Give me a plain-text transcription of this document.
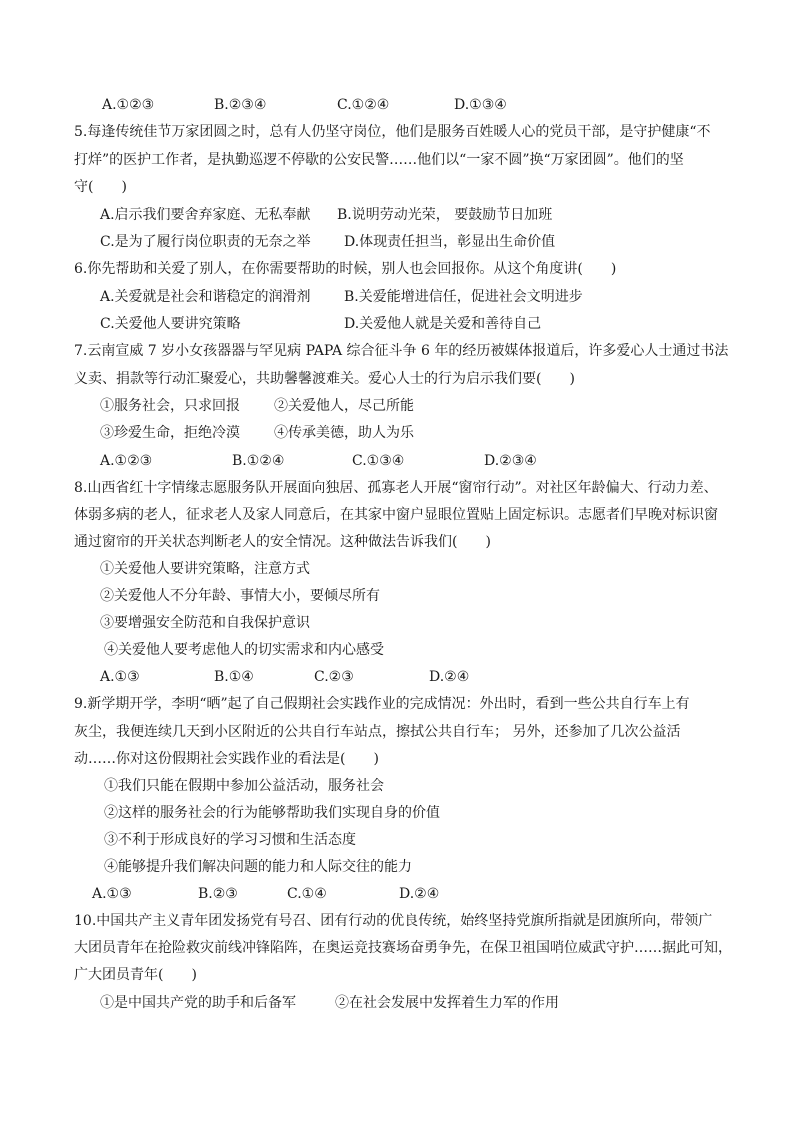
A.①②③	B.②③④	C.①②④	D.①③④
5.每逢传统佳节万家团圆之时，总有人仍坚守岗位，他们是服务百姓暖人心的党员干部，是守护健康“不
打烊”的医护工作者，是执勤巡逻不停歇的公安民警……他们以“一家不圆”换“万家团圆”。他们的坚
守(　　)
A.启示我们要舍弃家庭、无私奉献 B.说明劳动光荣， 要鼓励节日加班
C.是为了履行岗位职责的无奈之举 D.体现责任担当，彰显出生命价值
6.你先帮助和关爱了别人，在你需要帮助的时候，别人也会回报你。从这个角度讲(　　)
A.关爱就是社会和谐稳定的润滑剂 B.关爱能增进信任，促进社会文明进步
C.关爱他人要讲究策略	D.关爱他人就是关爱和善待自己
7.云南宣威 7 岁小女孩器器与罕见病 PAPA 综合征斗争 6 年的经历被媒体报道后，许多爱心人士通过书法
义卖、捐款等行动汇聚爱心，共助馨馨渡难关。爱心人士的行为启示我们要(　　)
①服务社会，只求回报 ②关爱他人，尽己所能
③珍爱生命，拒绝冷漠 ④传承美德，助人为乐
A.①②③	B.①②④	C.①③④	D.②③④
8.山西省红十字情缘志愿服务队开展面向独居、孤寡老人开展“窗帘行动”。对社区年龄偏大、行动力差、
体弱多病的老人，征求老人及家人同意后，在其家中窗户显眼位置贴上固定标识。志愿者们早晚对标识窗
通过窗帘的开关状态判断老人的安全情况。这种做法告诉我们(　　)
①关爱他人要讲究策略，注意方式
②关爱他人不分年龄、事情大小，要倾尽所有
③要增强安全防范和自我保护意识
④关爱他人要考虑他人的切实需求和内心感受
A.①③	B.①④	C.②③	D.②④
9.新学期开学，李明“晒”起了自己假期社会实践作业的完成情况：外出时，看到一些公共自行车上有
灰尘，我便连续几天到小区附近的公共自行车站点，擦拭公共自行车； 另外，还参加了几次公益活
动……你对这份假期社会实践作业的看法是(　　)
①我们只能在假期中参加公益活动，服务社会
②这样的服务社会的行为能够帮助我们实现自身的价值
③不利于形成良好的学习习惯和生活态度
④能够提升我们解决问题的能力和人际交往的能力
A.①③	B.②③	C.①④	D.②④
10.中国共产主义青年团发扬党有号召、团有行动的优良传统，始终坚持党旗所指就是团旗所向，带领广
大团员青年在抢险救灾前线冲锋陷阵，在奥运竞技赛场奋勇争先，在保卫祖国哨位威武守护……据此可知，
广大团员青年(　　)
①是中国共产党的助手和后备军	②在社会发展中发挥着生力军的作用
